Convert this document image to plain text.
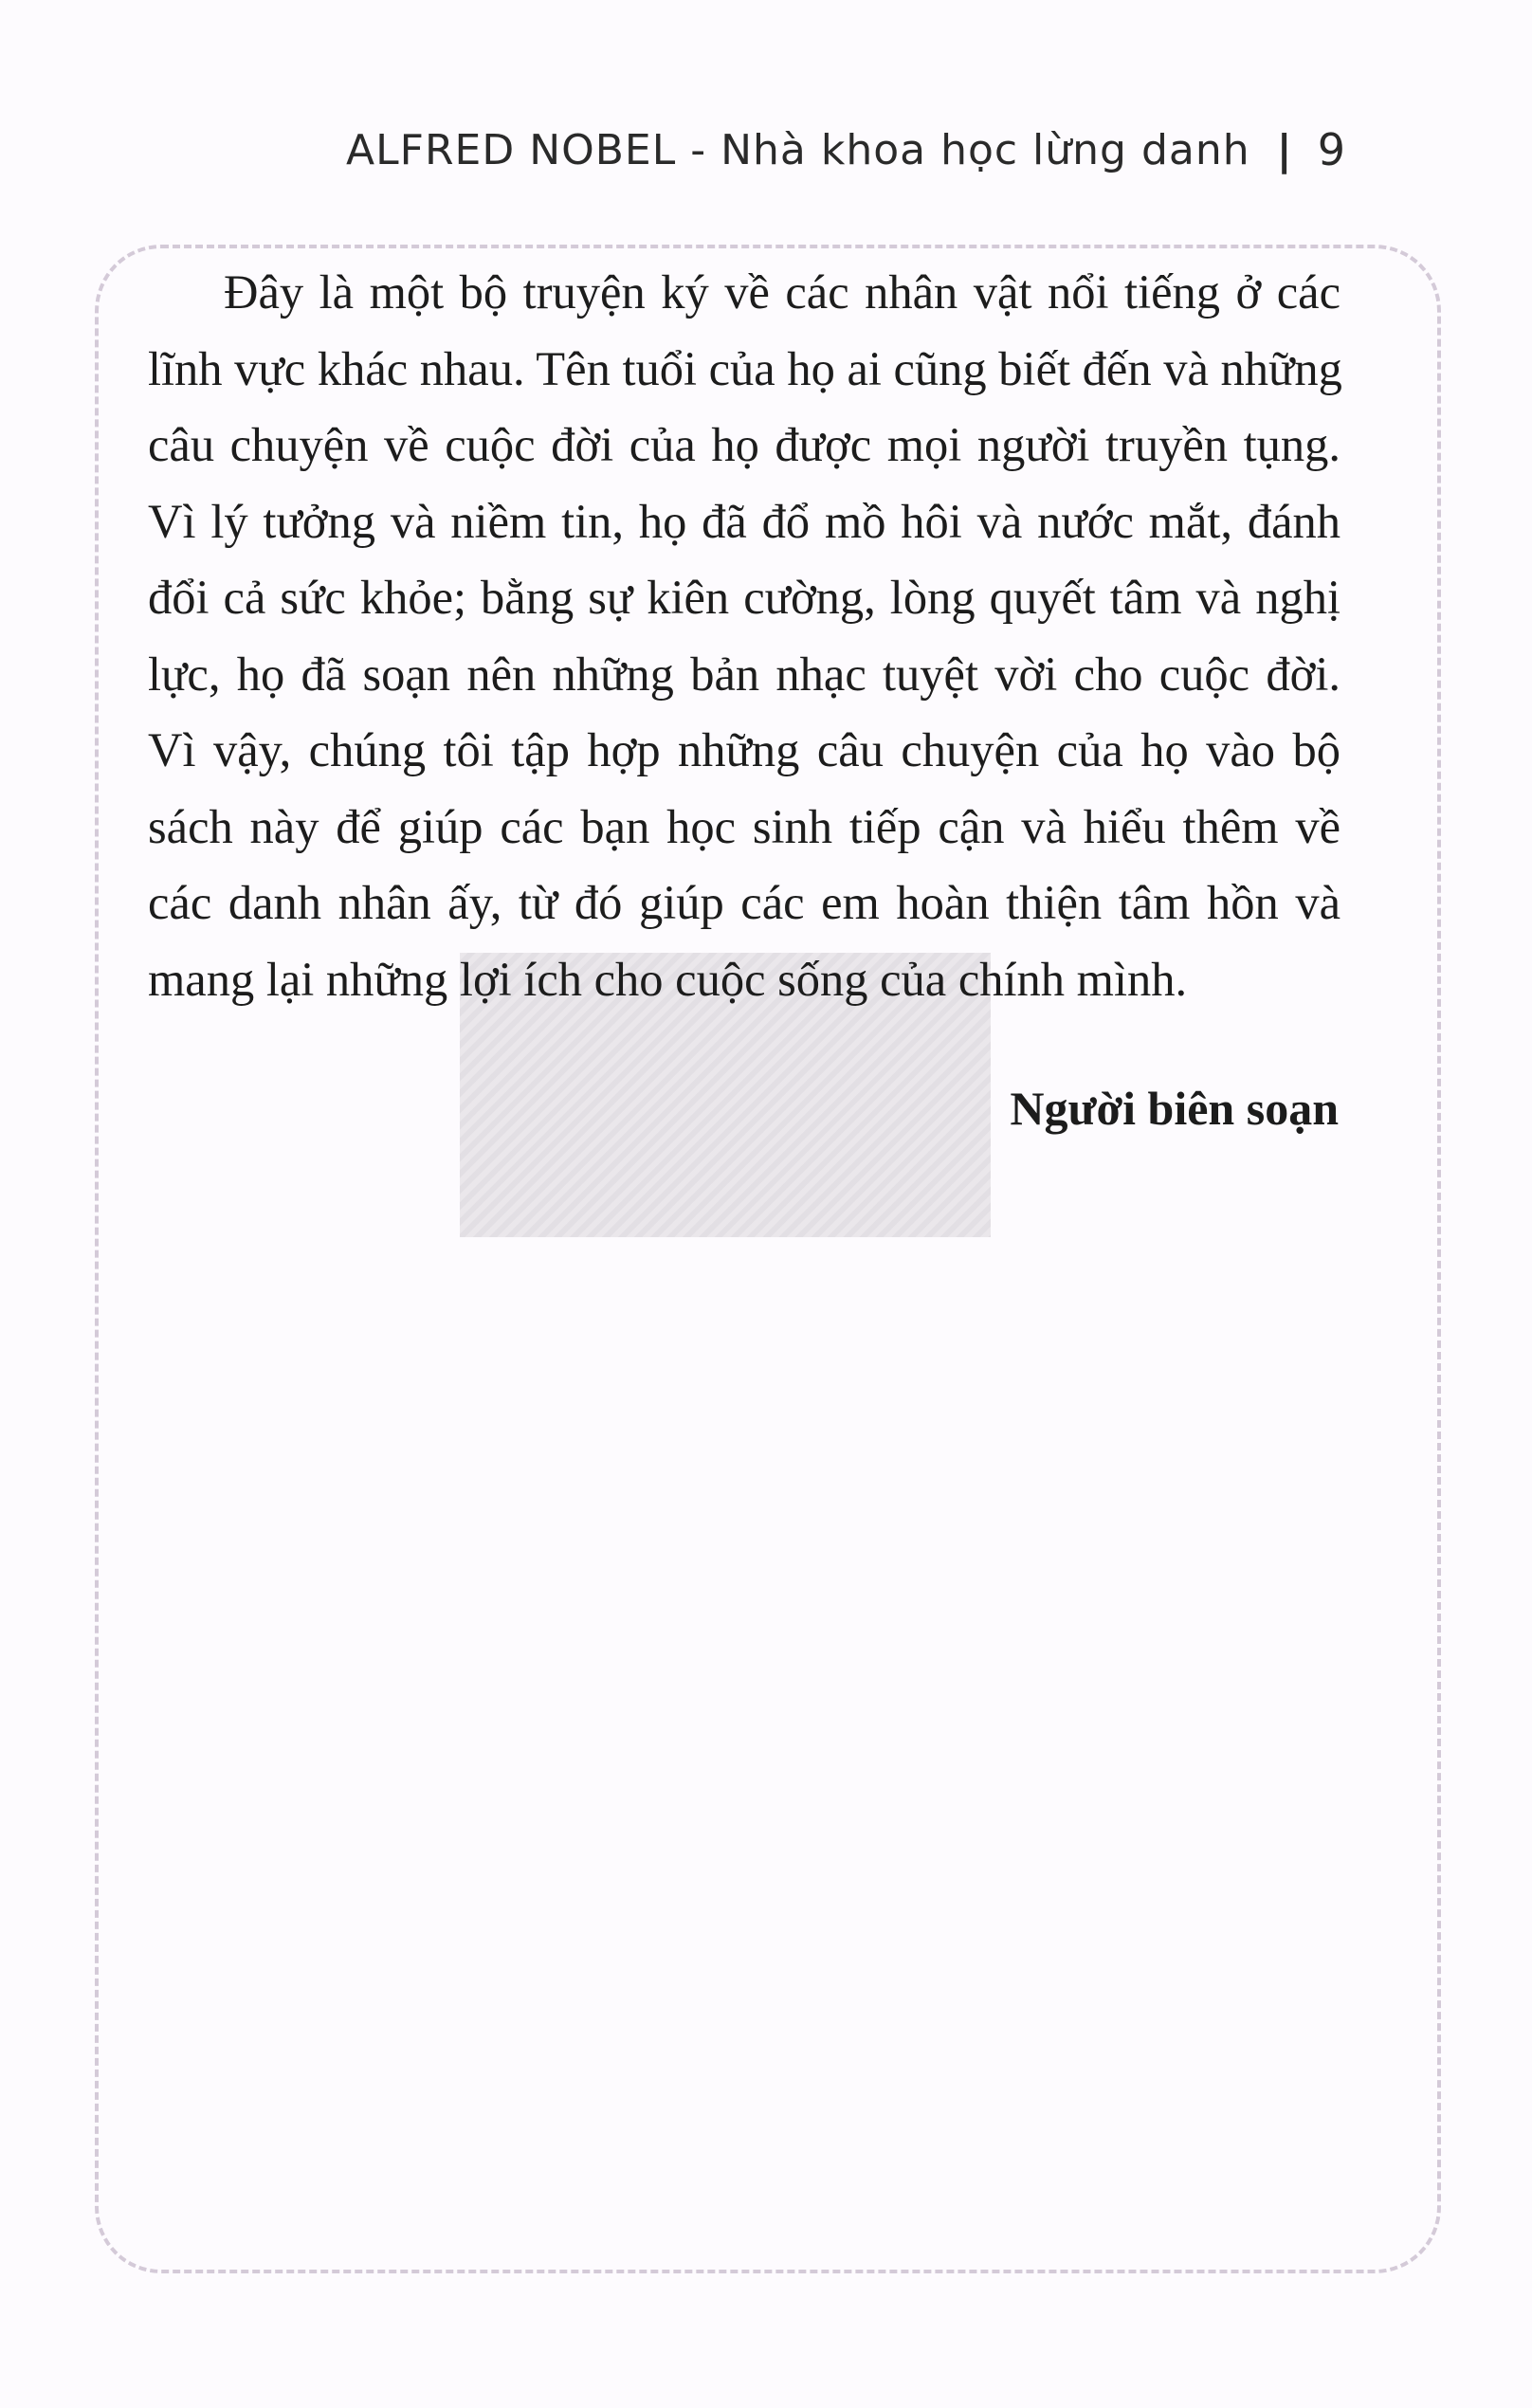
ALFRED NOBEL - Nhà khoa học lừng danh | 9
Đây là một bộ truyện ký về các nhân vật nổi tiếng ở các
lĩnh vực khác nhau. Tên tuổi của họ ai cũng biết đến và những
câu chuyện về cuộc đời của họ được mọi người truyền tụng.
Vì lý tưởng và niềm tin, họ đã đổ mồ hôi và nước mắt, đánh
đổi cả sức khỏe; bằng sự kiên cường, lòng quyết tâm và nghị
lực, họ đã soạn nên những bản nhạc tuyệt vời cho cuộc đời.
Vì vậy, chúng tôi tập hợp những câu chuyện của họ vào bộ
sách này để giúp các bạn học sinh tiếp cận và hiểu thêm về
các danh nhân ấy, từ đó giúp các em hoàn thiện tâm hồn và
mang lại những lợi ích cho cuộc sống của chính mình.
Người biên soạn
